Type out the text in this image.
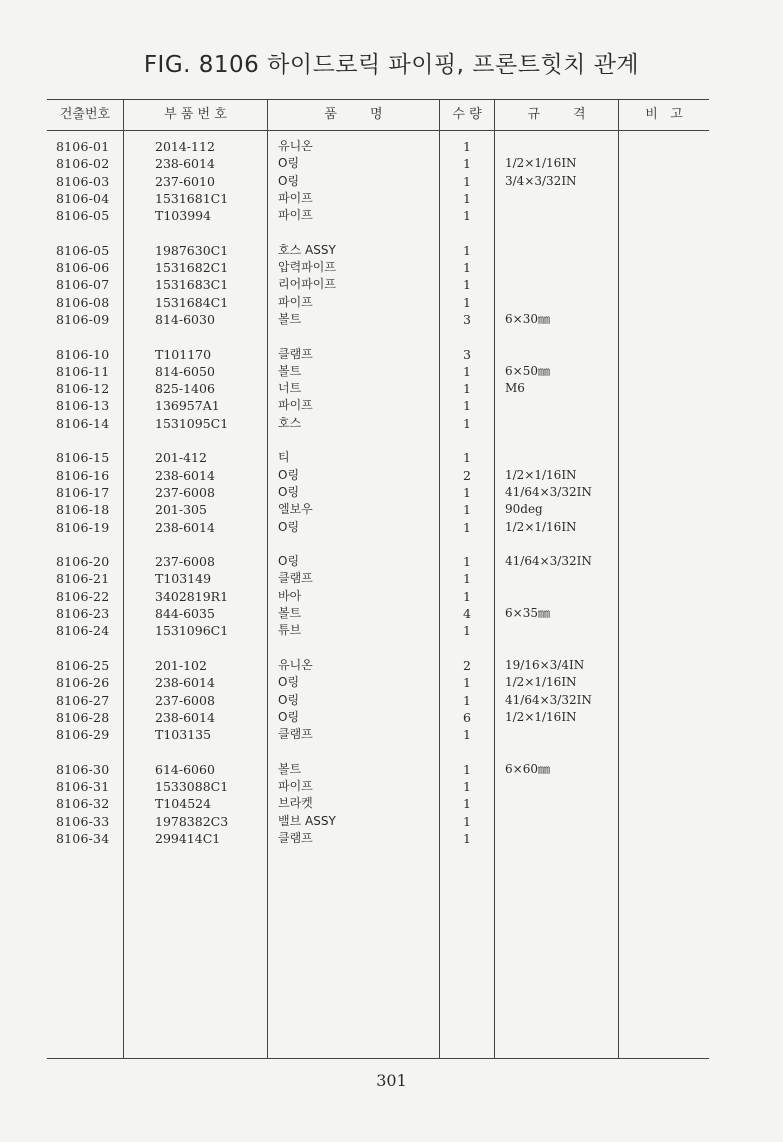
FIG. 8106 하이드로릭 파이핑, 프론트힛치 관계
건출번호	부 품 번 호	품        명	수 량	규        격	비   고
8106-01	2014-112	유니온	1
8106-02	238-6014	O링	1	1/2×1/16IN
8106-03	237-6010	O링	1	3/4×3/32IN
8106-04	1531681C1	파이프	1
8106-05	T103994	파이프	1
8106-05	1987630C1	호스 ASSY	1
8106-06	1531682C1	압력파이프	1
8106-07	1531683C1	리어파이프	1
8106-08	1531684C1	파이프	1
8106-09	814-6030	볼트	3	6×30㎜
8106-10	T101170	클램프	3
8106-11	814-6050	볼트	1	6×50㎜
8106-12	825-1406	너트	1	M6
8106-13	136957A1	파이프	1
8106-14	1531095C1	호스	1
8106-15	201-412	티	1
8106-16	238-6014	O링	2	1/2×1/16IN
8106-17	237-6008	O링	1	41/64×3/32IN
8106-18	201-305	엘보우	1	90deg
8106-19	238-6014	O링	1	1/2×1/16IN
8106-20	237-6008	O링	1	41/64×3/32IN
8106-21	T103149	클램프	1
8106-22	3402819R1	바아	1
8106-23	844-6035	볼트	4	6×35㎜
8106-24	1531096C1	튜브	1
8106-25	201-102	유니온	2	19/16×3/4IN
8106-26	238-6014	O링	1	1/2×1/16IN
8106-27	237-6008	O링	1	41/64×3/32IN
8106-28	238-6014	O링	6	1/2×1/16IN
8106-29	T103135	클램프	1
8106-30	614-6060	볼트	1	6×60㎜
8106-31	1533088C1	파이프	1
8106-32	T104524	브라켓	1
8106-33	1978382C3	밸브 ASSY	1
8106-34	299414C1	클램프	1
301
